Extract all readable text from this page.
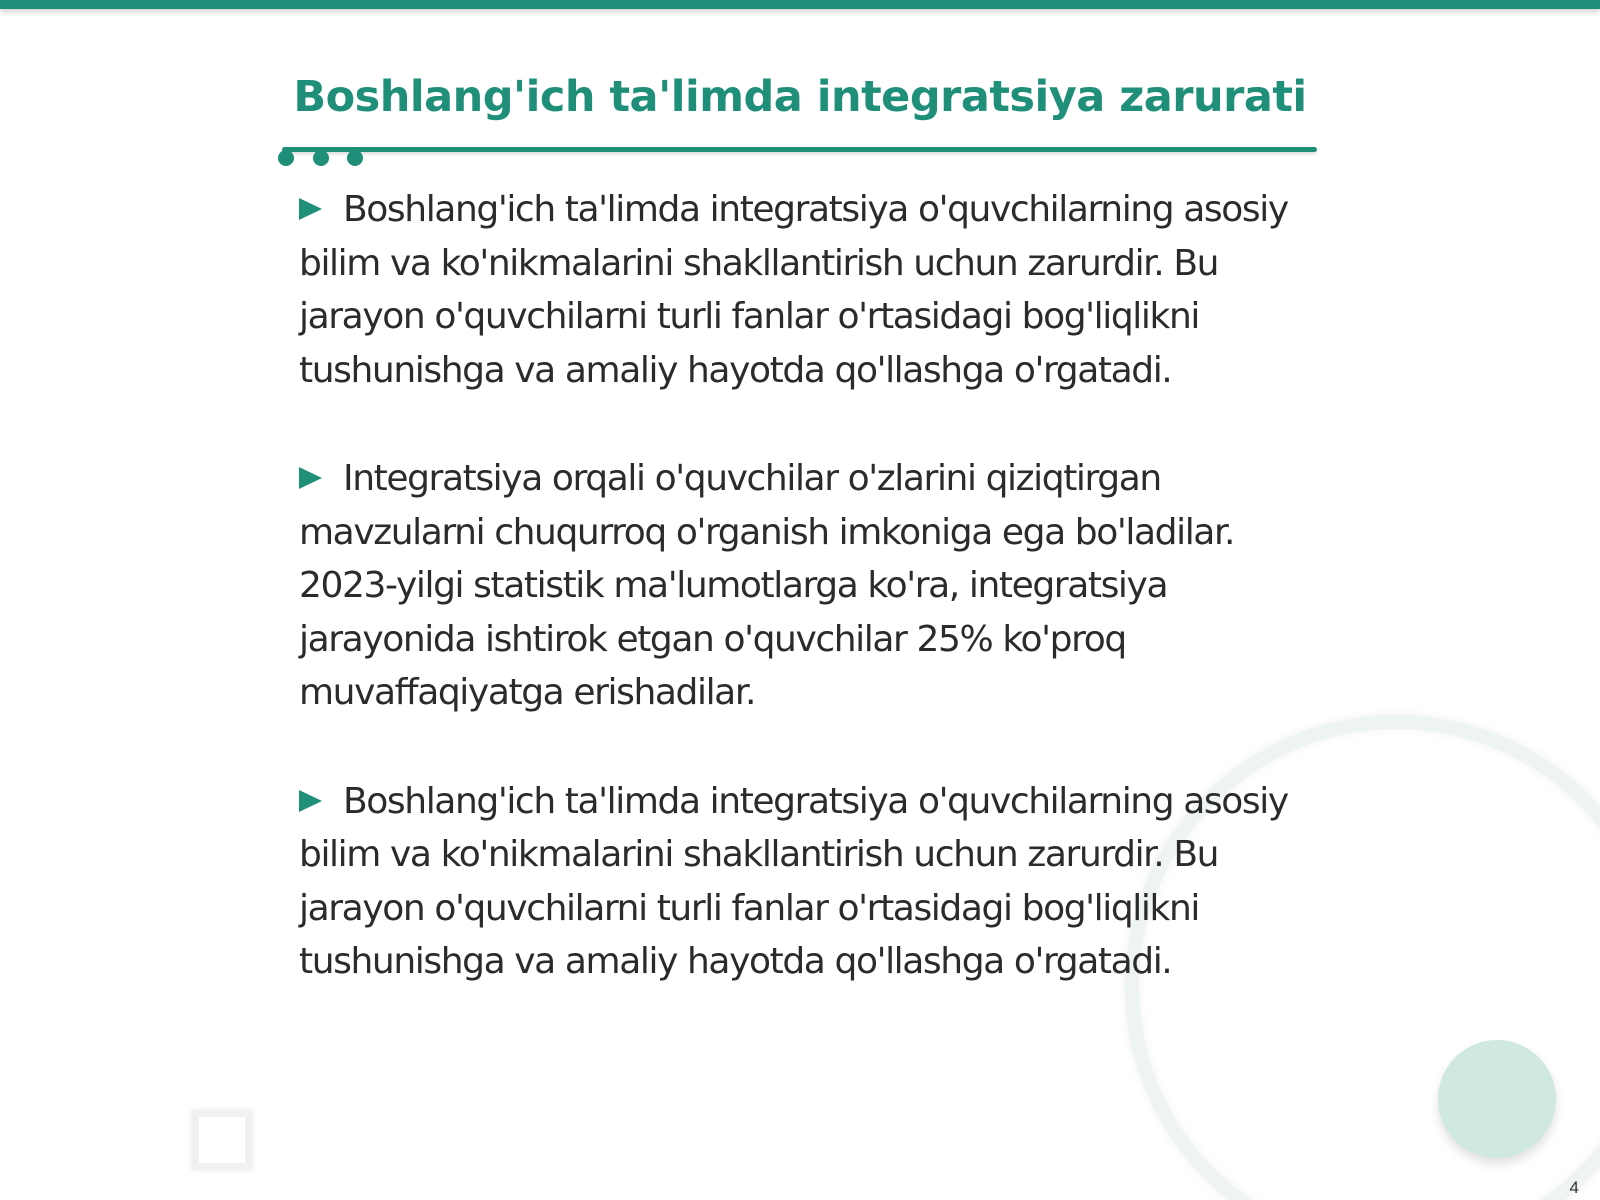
Boshlang'ich ta'limda integratsiya zarurati

Boshlang'ich ta'limda integratsiya o'quvchilarning asosiy bilim va ko'nikmalarini shakllantirish uchun zarurdir. Bu jarayon o'quvchilarni turli fanlar o'rtasidagi bog'liqlikni tushunishga va amaliy hayotda qo'llashga o'rgatadi.

Integratsiya orqali o'quvchilar o'zlarini qiziqtirgan mavzularni chuqurroq o'rganish imkoniga ega bo'ladilar. 2023-yilgi statistik ma'lumotlarga ko'ra, integratsiya jarayonida ishtirok etgan o'quvchilar 25% ko'proq muvaffaqiyatga erishadilar.

Boshlang'ich ta'limda integratsiya o'quvchilarning asosiy bilim va ko'nikmalarini shakllantirish uchun zarurdir. Bu jarayon o'quvchilarni turli fanlar o'rtasidagi bog'liqlikni tushunishga va amaliy hayotda qo'llashga o'rgatadi.

4
